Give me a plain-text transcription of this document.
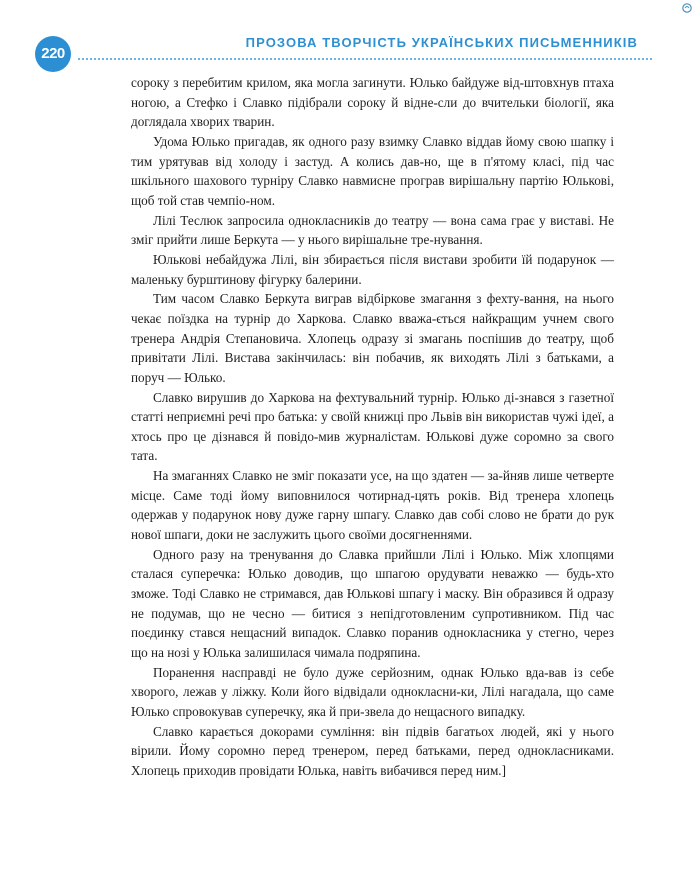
220
ПРОЗОВА ТВОРЧІСТЬ УКРАЇНСЬКИХ ПИСЬМЕННИКІВ

сороку з перебитим крилом, яка могла загинути. Юлько байдуже від-штовхнув птаха ногою, а Стефко і Славко підібрали сороку й відне-сли до вчительки біології, яка доглядала хворих тварин.

Удома Юлько пригадав, як одного разу взимку Славко віддав йому свою шапку і тим урятував від холоду і застуд. А колись дав-но, ще в п'ятому класі, під час шкільного шахового турніру Славко навмисне програв вирішальну партію Юлькові, щоб той став чемпіо-ном.

Лілі Теслюк запросила однокласників до театру — вона сама грає у виставі. Не зміг прийти лише Беркута — у нього вирішальне тре-нування.

Юлькові небайдужа Лілі, він збирається після вистави зробити їй подарунок — маленьку бурштинову фігурку балерини.

Тим часом Славко Беркута виграв відбіркове змагання з фехту-вання, на нього чекає поїздка на турнір до Харкова. Славко вважа-ється найкращим учнем свого тренера Андрія Степановича. Хлопець одразу зі змагань поспішив до театру, щоб привітати Лілі. Вистава закінчилась: він побачив, як виходять Лілі з батьками, а поруч — Юлько.

Славко вирушив до Харкова на фехтувальний турнір. Юлько ді-знався з газетної статті неприємні речі про батька: у своїй книжці про Львів він використав чужі ідеї, а хтось про це дізнався й повідо-мив журналістам. Юлькові дуже соромно за свого тата.

На змаганнях Славко не зміг показати усе, на що здатен — за-йняв лише четверте місце. Саме тоді йому виповнилося чотирнад-цять років. Від тренера хлопець одержав у подарунок нову дуже гарну шпагу. Славко дав собі слово не брати до рук нової шпаги, доки не заслужить цього своїми досягненнями.

Одного разу на тренування до Славка прийшли Лілі і Юлько. Між хлопцями сталася суперечка: Юлько доводив, що шпагою орудувати неважко — будь-хто зможе. Тоді Славко не стримався, дав Юлькові шпагу і маску. Він образився й одразу не подумав, що не чесно — битися з непідготовленим супротивником. Під час поєдинку стався нещасний випадок. Славко поранив однокласника у стегно, через що на нозі у Юлька залишилася чимала подряпина.

Поранення насправді не було дуже серйозним, однак Юлько вда-вав із себе хворого, лежав у ліжку. Коли його відвідали однокласни-ки, Лілі нагадала, що саме Юлько спровокував суперечку, яка й при-звела до нещасного випадку.

Славко карається докорами сумління: він підвів багатьох людей, які у нього вірили. Йому соромно перед тренером, перед батьками, перед однокласниками. Хлопець приходив провідати Юлька, навіть вибачився перед ним.]
